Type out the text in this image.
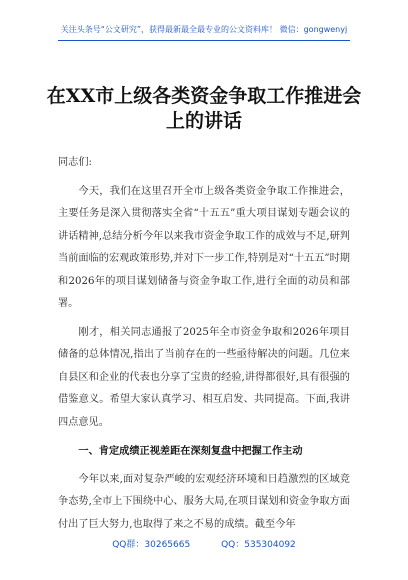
关注头条号“公文研究”，获得最新最全最专业的公文资料库！ 微信：gongwenyj
在XX市上级各类资金争取工作推进会上的讲话

同志们:

今天，我们在这里召开全市上级各类资金争取工作推进会，主要任务是深入贯彻落实全省“十五五”重大项目谋划专题会议的讲话精神,总结分析今年以来我市资金争取工作的成效与不足,研判当前面临的宏观政策形势,并对下一步工作,特别是对“十五五”时期和2026年的项目谋划储备与资金争取工作,进行全面的动员和部署。

刚才，相关同志通报了2025年全市资金争取和2026年项目储备的总体情况,指出了当前存在的一些亟待解决的问题。几位来自县区和企业的代表也分享了宝贵的经验,讲得都很好,具有很强的借鉴意义。希望大家认真学习、相互启发、共同提高。下面,我讲四点意见。

一、肯定成绩正视差距在深刻复盘中把握工作主动

今年以来,面对复杂严峻的宏观经济环境和日趋激烈的区域竞争态势,全市上下围绕中心、服务大局,在项目谋划和资金争取方面付出了巨大努力,也取得了来之不易的成绩。截至今年

QQ群：30265665	QQ：535304092
